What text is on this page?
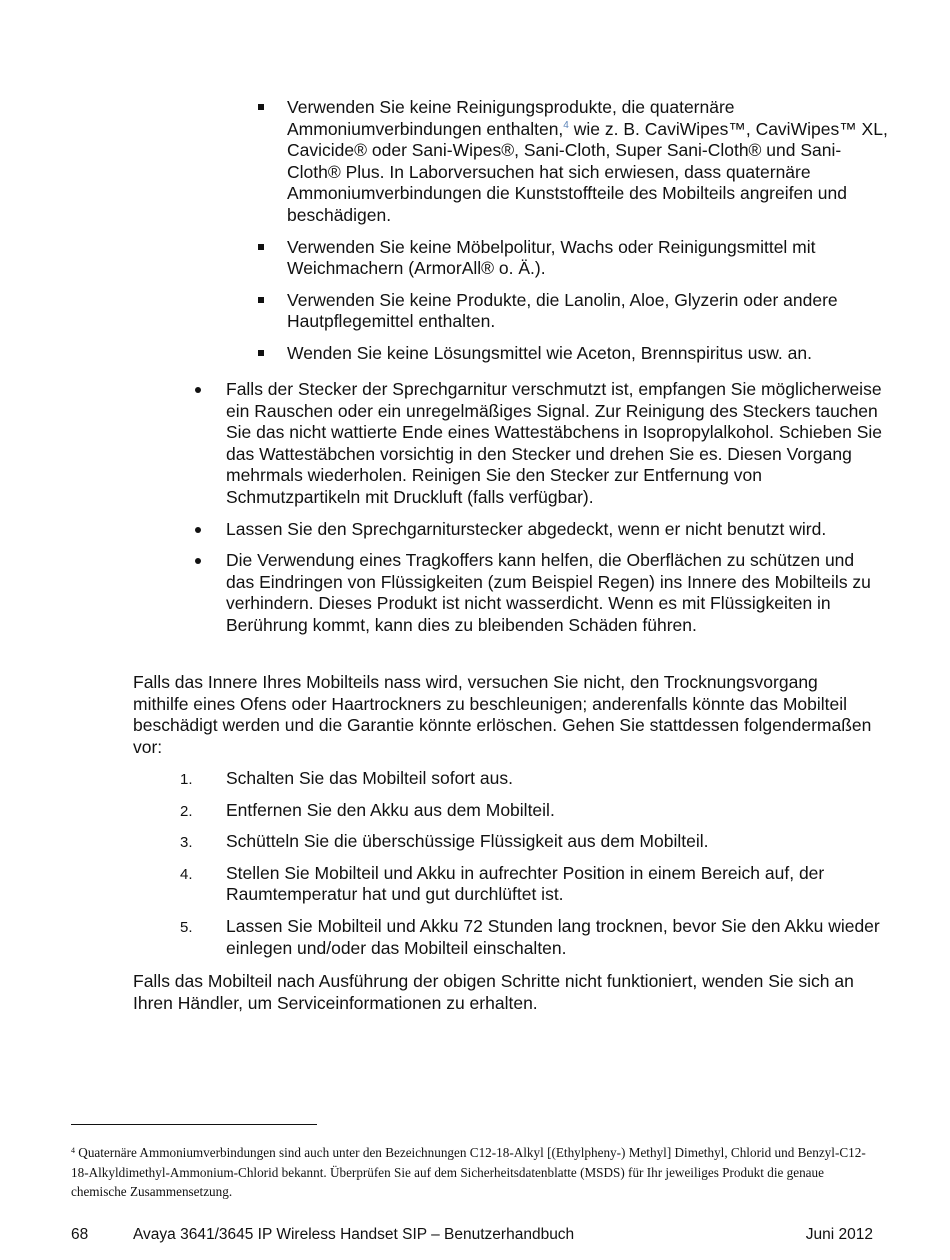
Verwenden Sie keine Reinigungsprodukte, die quaternäre Ammoniumverbindungen enthalten,$^4$ wie z. B. CaviWipes™, CaviWipes™ XL, Cavicide® oder Sani-Wipes®, Sani-Cloth, Super Sani-Cloth® und Sani-Cloth® Plus. In Laborversuchen hat sich erwiesen, dass quaternäre Ammoniumverbindungen die Kunststoffteile des Mobilteils angreifen und beschädigen.
Verwenden Sie keine Möbelpolitur, Wachs oder Reinigungsmittel mit Weichmachern (ArmorAll® o. Ä.).
Verwenden Sie keine Produkte, die Lanolin, Aloe, Glyzerin oder andere Hautpflegemittel enthalten.
Wenden Sie keine Lösungsmittel wie Aceton, Brennspiritus usw. an.
Falls der Stecker der Sprechgarnitur verschmutzt ist, empfangen Sie möglicherweise ein Rauschen oder ein unregelmäßiges Signal. Zur Reinigung des Steckers tauchen Sie das nicht wattierte Ende eines Wattestäbchens in Isopropylalkohol. Schieben Sie das Wattestäbchen vorsichtig in den Stecker und drehen Sie es. Diesen Vorgang mehrmals wiederholen. Reinigen Sie den Stecker zur Entfernung von Schmutzpartikeln mit Druckluft (falls verfügbar).
Lassen Sie den Sprechgarniturstecker abgedeckt, wenn er nicht benutzt wird.
Die Verwendung eines Tragkoffers kann helfen, die Oberflächen zu schützen und das Eindringen von Flüssigkeiten (zum Beispiel Regen) ins Innere des Mobilteils zu verhindern. Dieses Produkt ist nicht wasserdicht. Wenn es mit Flüssigkeiten in Berührung kommt, kann dies zu bleibenden Schäden führen.
Falls das Innere Ihres Mobilteils nass wird, versuchen Sie nicht, den Trocknungsvorgang mithilfe eines Ofens oder Haartrockners zu beschleunigen; anderenfalls könnte das Mobilteil beschädigt werden und die Garantie könnte erlöschen. Gehen Sie stattdessen folgendermaßen vor:
1. Schalten Sie das Mobilteil sofort aus.
2. Entfernen Sie den Akku aus dem Mobilteil.
3. Schütteln Sie die überschüssige Flüssigkeit aus dem Mobilteil.
4. Stellen Sie Mobilteil und Akku in aufrechter Position in einem Bereich auf, der Raumtemperatur hat und gut durchlüftet ist.
5. Lassen Sie Mobilteil und Akku 72 Stunden lang trocknen, bevor Sie den Akku wieder einlegen und/oder das Mobilteil einschalten.
Falls das Mobilteil nach Ausführung der obigen Schritte nicht funktioniert, wenden Sie sich an Ihren Händler, um Serviceinformationen zu erhalten.
$^4$ Quaternäre Ammoniumverbindungen sind auch unter den Bezeichnungen C12-18-Alkyl [(Ethylpheny-) Methyl] Dimethyl, Chlorid und Benzyl-C12-18-Alkyldimethyl-Ammonium-Chlorid bekannt. Überprüfen Sie auf dem Sicherheitsdatenblatte (MSDS) für Ihr jeweiliges Produkt die genaue chemische Zusammensetzung.
68	Avaya 3641/3645 IP Wireless Handset SIP – Benutzerhandbuch	Juni 2012
